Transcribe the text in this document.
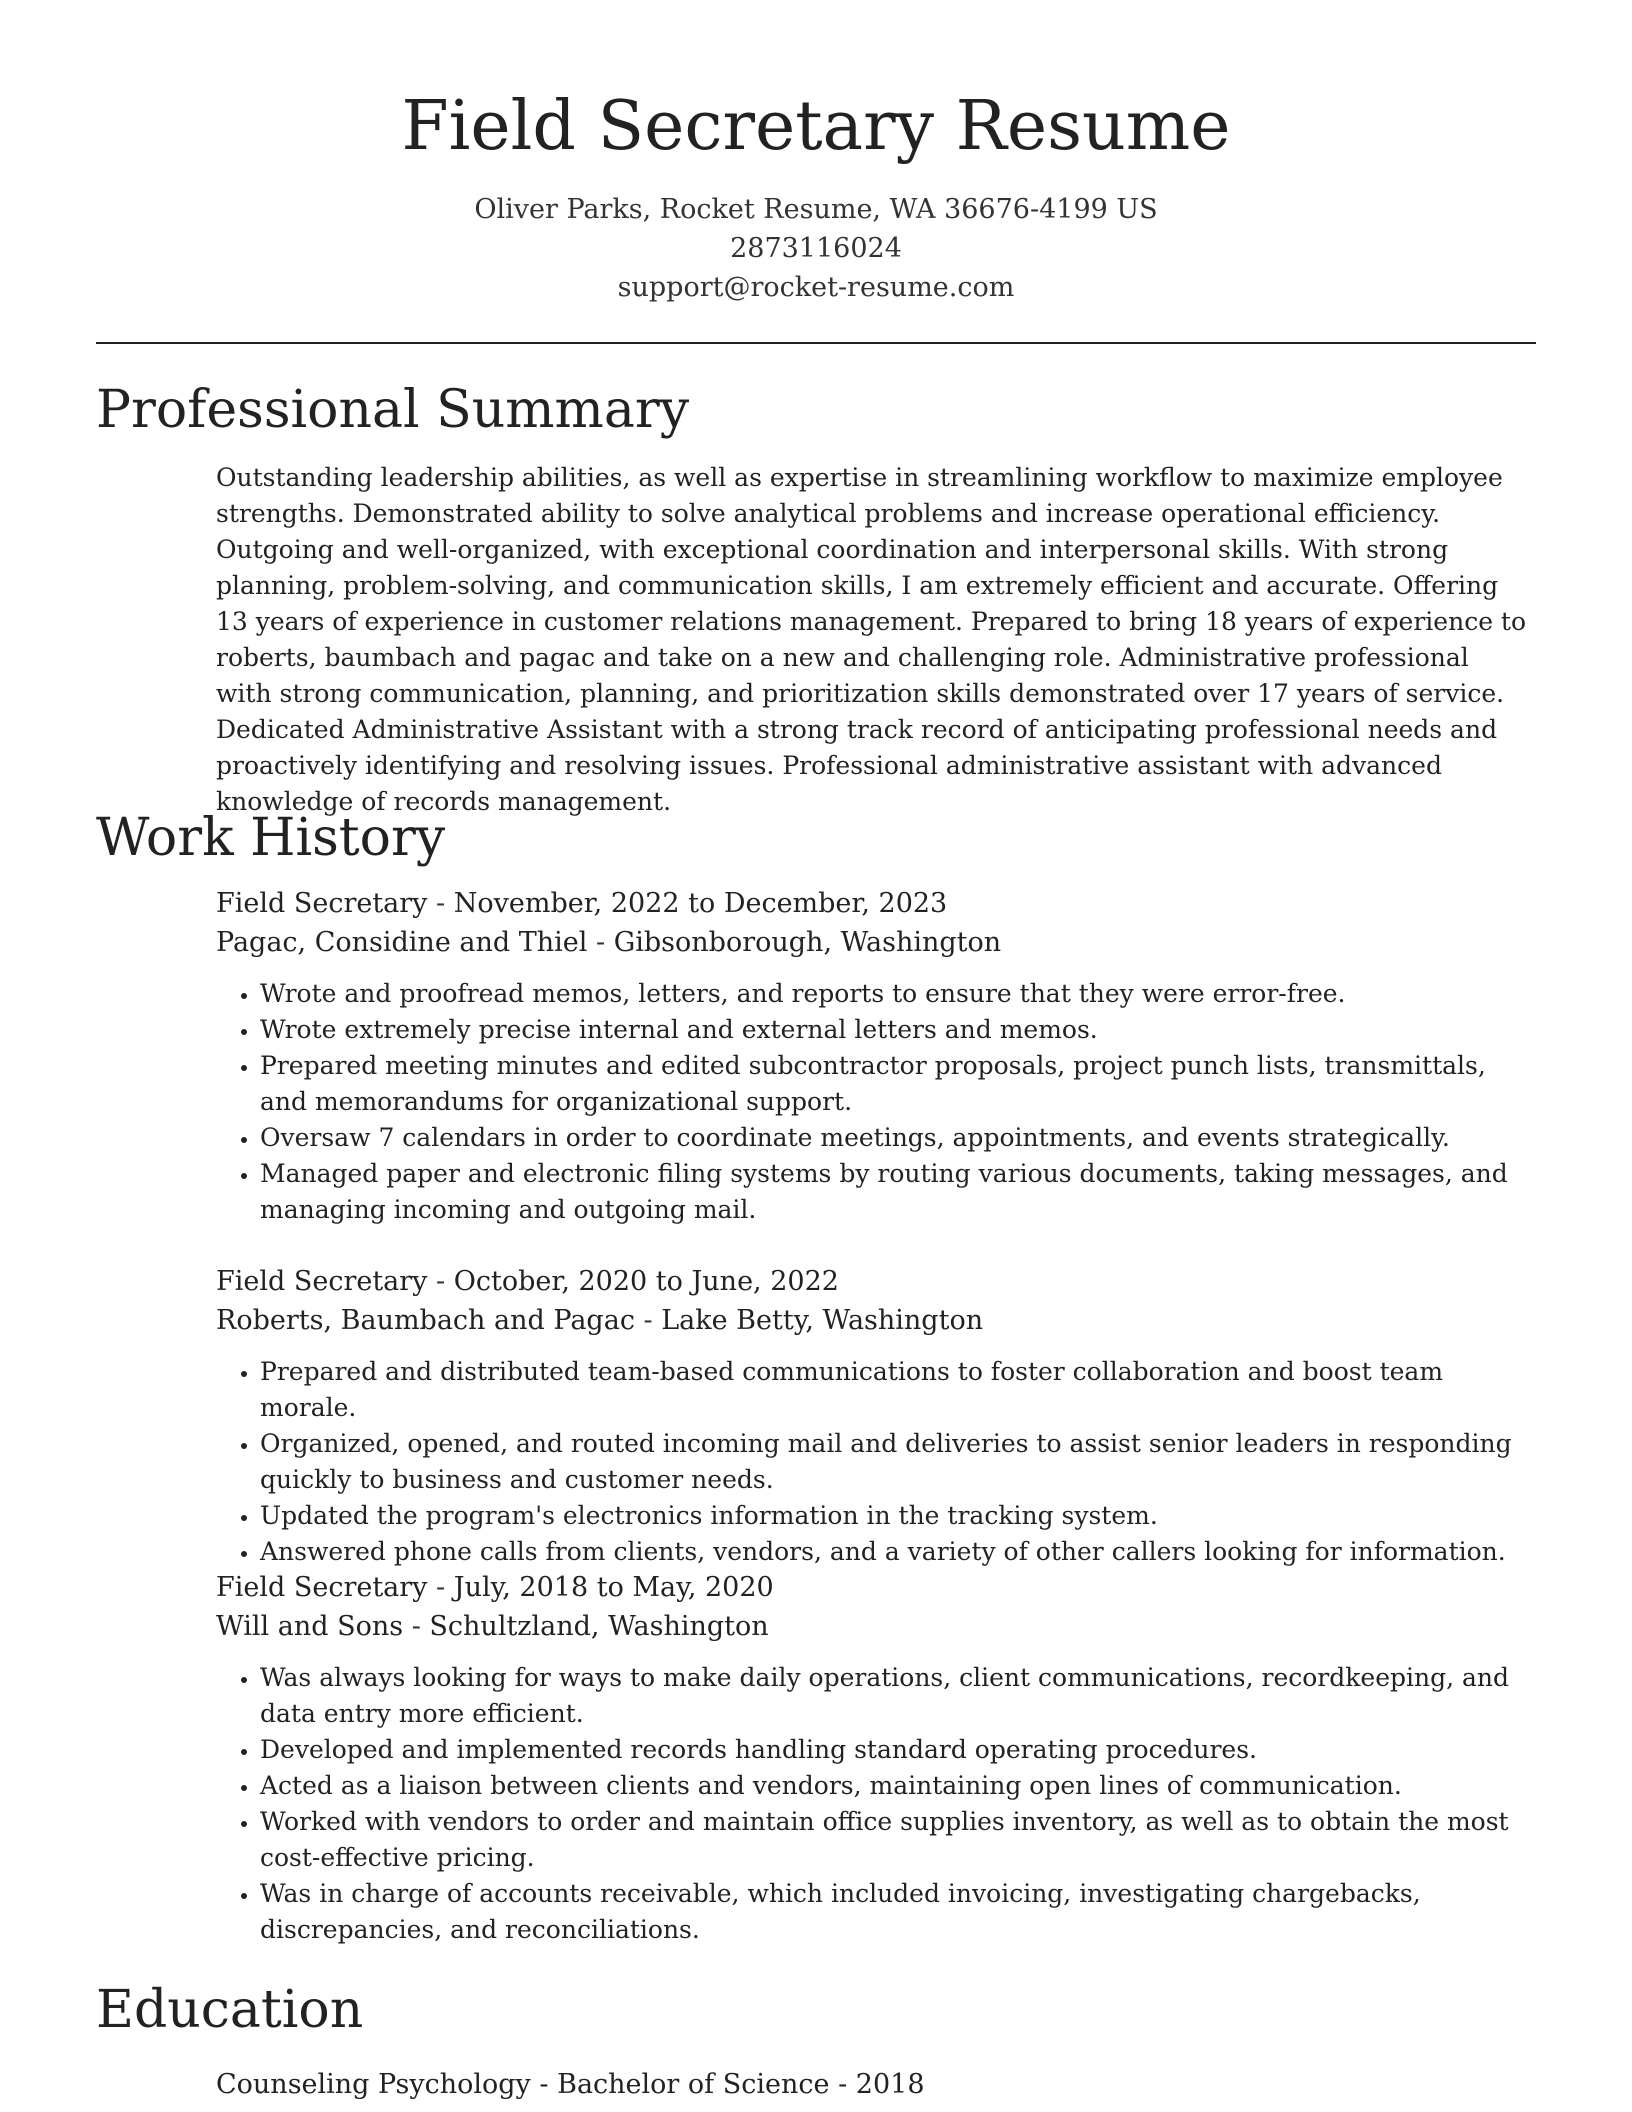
Field Secretary Resume
Oliver Parks, Rocket Resume, WA 36676-4199 US
2873116024
support@rocket-resume.com
Professional Summary

Outstanding leadership abilities, as well as expertise in streamlining workflow to maximize employee strengths. Demonstrated ability to solve analytical problems and increase operational efficiency. Outgoing and well-organized, with exceptional coordination and interpersonal skills. With strong planning, problem-solving, and communication skills, I am extremely efficient and accurate. Offering 13 years of experience in customer relations management. Prepared to bring 18 years of experience to roberts, baumbach and pagac and take on a new and challenging role. Administrative professional with strong communication, planning, and prioritization skills demonstrated over 17 years of service. Dedicated Administrative Assistant with a strong track record of anticipating professional needs and proactively identifying and resolving issues. Professional administrative assistant with advanced knowledge of records management.

Work History
Field Secretary - November, 2022 to December, 2023
Pagac, Considine and Thiel - Gibsonborough, Washington
• Wrote and proofread memos, letters, and reports to ensure that they were error-free.
• Wrote extremely precise internal and external letters and memos.
• Prepared meeting minutes and edited subcontractor proposals, project punch lists, transmittals, and memorandums for organizational support.
• Oversaw 7 calendars in order to coordinate meetings, appointments, and events strategically.
• Managed paper and electronic filing systems by routing various documents, taking messages, and managing incoming and outgoing mail.
Field Secretary - October, 2020 to June, 2022
Roberts, Baumbach and Pagac - Lake Betty, Washington
• Prepared and distributed team-based communications to foster collaboration and boost team morale.
• Organized, opened, and routed incoming mail and deliveries to assist senior leaders in responding quickly to business and customer needs.
• Updated the program's electronics information in the tracking system.
• Answered phone calls from clients, vendors, and a variety of other callers looking for information.
Field Secretary - July, 2018 to May, 2020
Will and Sons - Schultzland, Washington
• Was always looking for ways to make daily operations, client communications, recordkeeping, and data entry more efficient.
• Developed and implemented records handling standard operating procedures.
• Acted as a liaison between clients and vendors, maintaining open lines of communication.
• Worked with vendors to order and maintain office supplies inventory, as well as to obtain the most cost-effective pricing.
• Was in charge of accounts receivable, which included invoicing, investigating chargebacks, discrepancies, and reconciliations.
Education
Counseling Psychology - Bachelor of Science - 2018
